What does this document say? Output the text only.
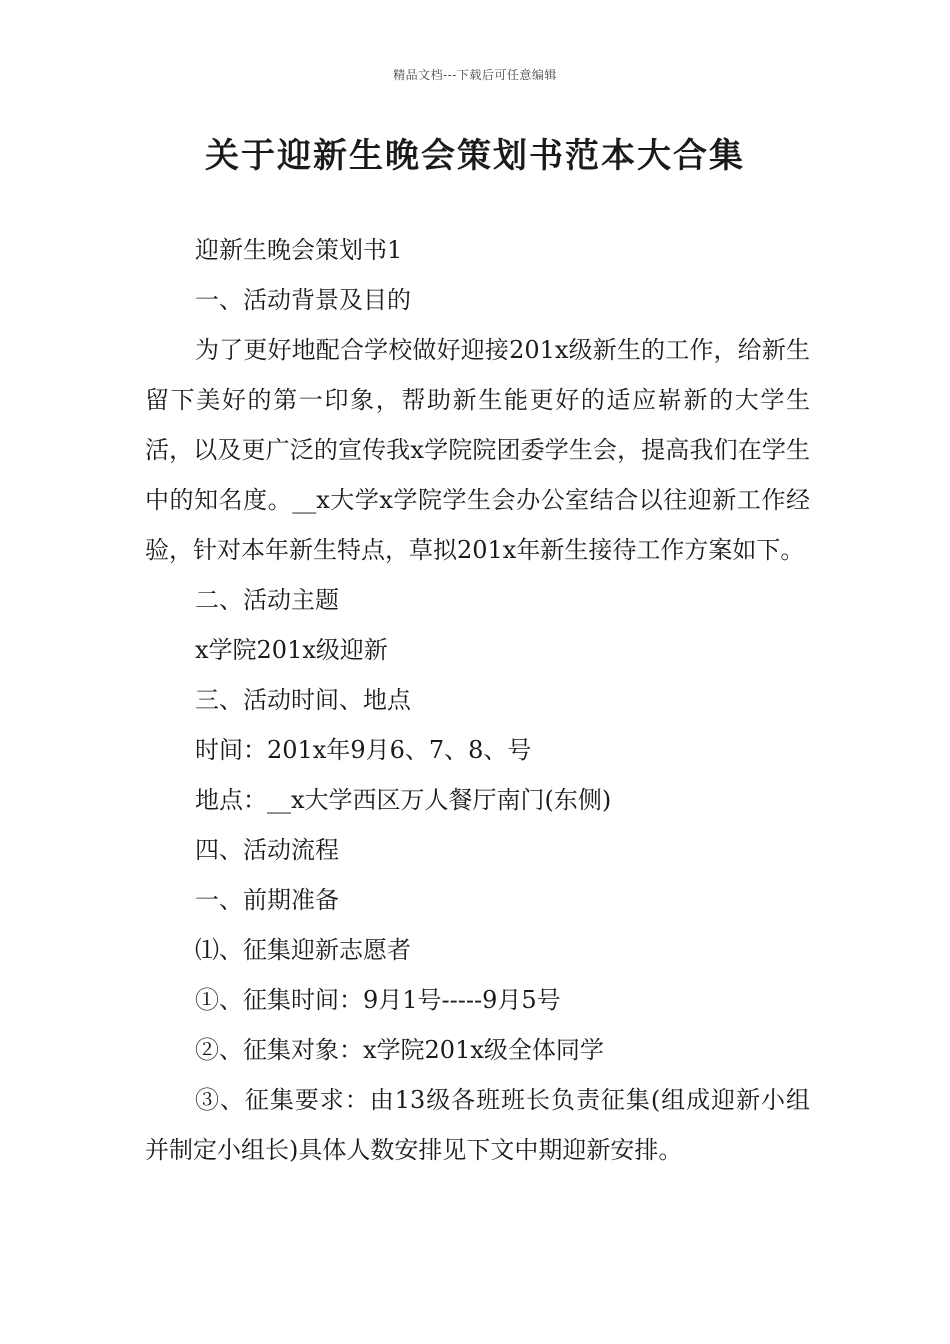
精品文档---下载后可任意编辑
关于迎新生晚会策划书范本大合集

迎新生晚会策划书1

一、活动背景及目的

为了更好地配合学校做好迎接201x级新生的工作，给新生留下美好的第一印象，帮助新生能更好的适应崭新的大学生活，以及更广泛的宣传我x学院院团委学生会，提高我们在学生中的知名度。__x大学x学院学生会办公室结合以往迎新工作经验，针对本年新生特点，草拟201x年新生接待工作方案如下。

二、活动主题

x学院201x级迎新

三、活动时间、地点

时间：201x年9月6、7、8、号

地点：__x大学西区万人餐厅南门(东侧)

四、活动流程

一、前期准备

⑴、征集迎新志愿者

①、征集时间：9月1号-----9月5号

②、征集对象：x学院201x级全体同学

③、征集要求：由13级各班班长负责征集(组成迎新小组并制定小组长)具体人数安排见下文中期迎新安排。
